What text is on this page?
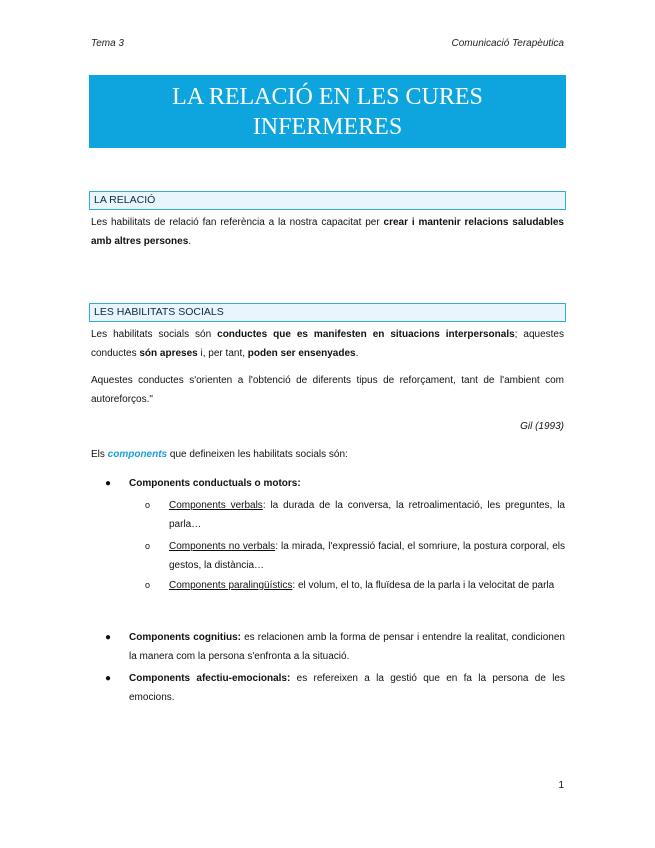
Tema 3	Comunicació Terapèutica
LA RELACIÓ EN LES CURES
INFERMERES
LA RELACIÓ
Les habilitats de relació fan referència a la nostra capacitat per crear i mantenir relacions saludables amb altres persones.
LES HABILITATS SOCIALS
Les habilitats socials són conductes que es manifesten en situacions interpersonals; aquestes conductes són apreses i, per tant, poden ser ensenyades.
Aquestes conductes s'orienten a l'obtenció de diferents tipus de reforçament, tant de l'ambient com autoreforços."
Gil (1993)
Els components que defineixen les habilitats socials són:
● Components conductuals o motors:
o Components verbals: la durada de la conversa, la retroalimentació, les preguntes, la parla…
o Components no verbals: la mirada, l'expressió facial, el somriure, la postura corporal, els gestos, la distància…
o Components paralingüístics: el volum, el to, la fluïdesa de la parla i la velocitat de parla
● Components cognitius: es relacionen amb la forma de pensar i entendre la realitat, condicionen la manera com la persona s'enfronta a la situació.
● Components afectiu-emocionals: es refereixen a la gestió que en fa la persona de les emocions.
1
